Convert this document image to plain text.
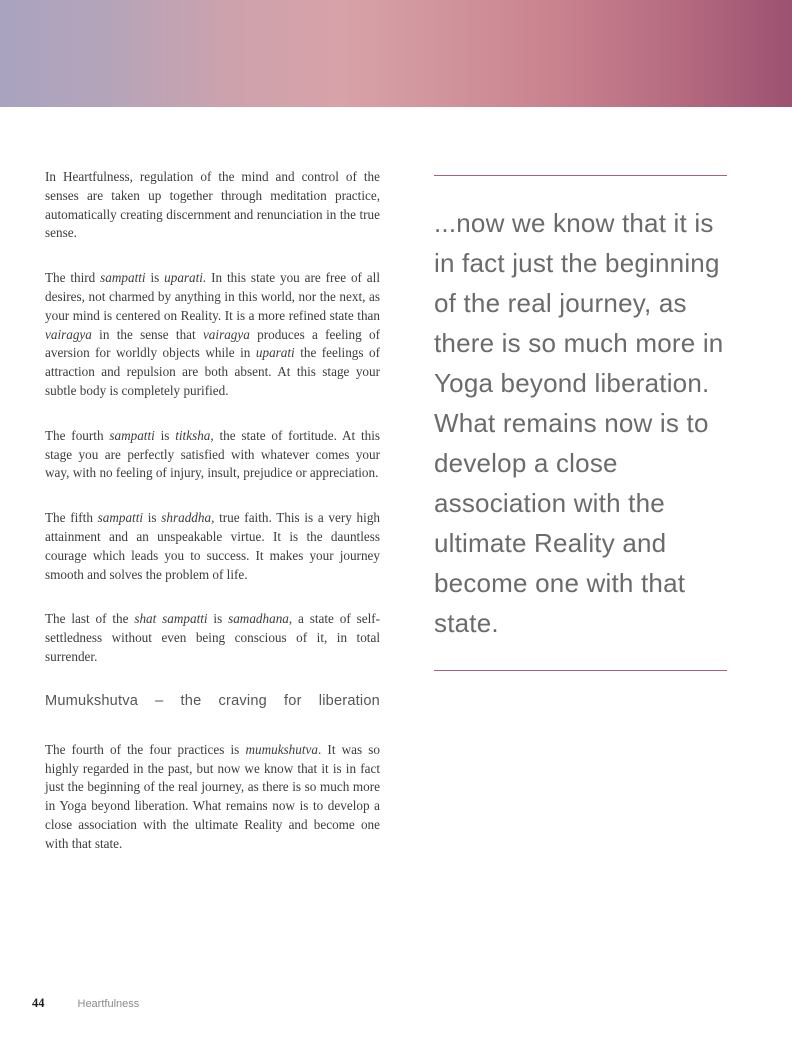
In Heartfulness, regulation of the mind and control of the senses are taken up together through meditation practice, automatically creating discernment and renunciation in the true sense.

The third sampatti is uparati. In this state you are free of all desires, not charmed by anything in this world, nor the next, as your mind is centered on Reality. It is a more refined state than vairagya in the sense that vairagya produces a feeling of aversion for worldly objects while in uparati the feelings of attraction and repulsion are both absent. At this stage your subtle body is completely purified.

The fourth sampatti is titksha, the state of fortitude. At this stage you are perfectly satisfied with whatever comes your way, with no feeling of injury, insult, prejudice or appreciation.

The fifth sampatti is shraddha, true faith. This is a very high attainment and an unspeakable virtue. It is the dauntless courage which leads you to success. It makes your journey smooth and solves the problem of life.

The last of the shat sampatti is samadhana, a state of self-settledness without even being conscious of it, in total surrender.

Mumukshutva – the craving for liberation

The fourth of the four practices is mumukshutva. It was so highly regarded in the past, but now we know that it is in fact just the beginning of the real journey, as there is so much more in Yoga beyond liberation. What remains now is to develop a close association with the ultimate Reality and become one with that state.

...now we know that it is in fact just the beginning of the real journey, as there is so much more in Yoga beyond liberation. What remains now is to develop a close association with the ultimate Reality and become one with that state.
44	Heartfulness
